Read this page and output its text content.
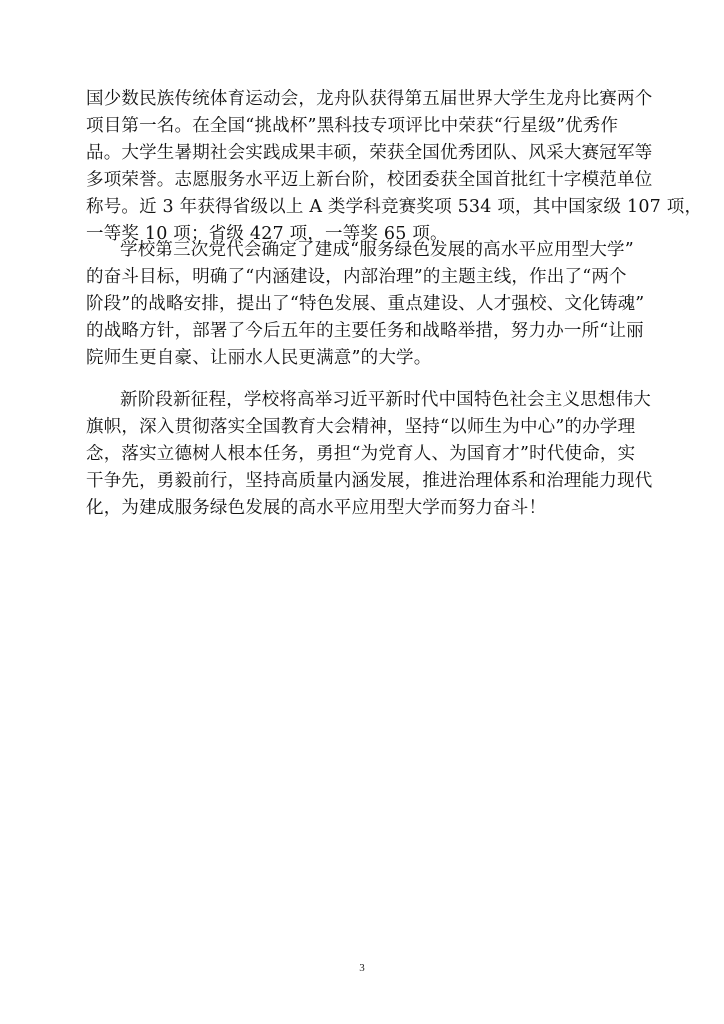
国少数民族传统体育运动会，龙舟队获得第五届世界大学生龙舟比赛两个
项目第一名。在全国“挑战杯”黑科技专项评比中荣获“行星级”优秀作
品。大学生暑期社会实践成果丰硕，荣获全国优秀团队、风采大赛冠军等
多项荣誉。志愿服务水平迈上新台阶，校团委获全国首批红十字模范单位
称号。近 3 年获得省级以上 A 类学科竞赛奖项 534 项，其中国家级 107 项，
一等奖 10 项；省级 427 项，一等奖 65 项。
学校第三次党代会确定了建成“服务绿色发展的高水平应用型大学”
的奋斗目标，明确了“内涵建设，内部治理”的主题主线，作出了“两个
阶段”的战略安排，提出了“特色发展、重点建设、人才强校、文化铸魂”
的战略方针，部署了今后五年的主要任务和战略举措，努力办一所“让丽
院师生更自豪、让丽水人民更满意”的大学。
新阶段新征程，学校将高举习近平新时代中国特色社会主义思想伟大
旗帜，深入贯彻落实全国教育大会精神，坚持“以师生为中心”的办学理
念，落实立德树人根本任务，勇担“为党育人、为国育才”时代使命，实
干争先，勇毅前行，坚持高质量内涵发展，推进治理体系和治理能力现代
化，为建成服务绿色发展的高水平应用型大学而努力奋斗！
3
